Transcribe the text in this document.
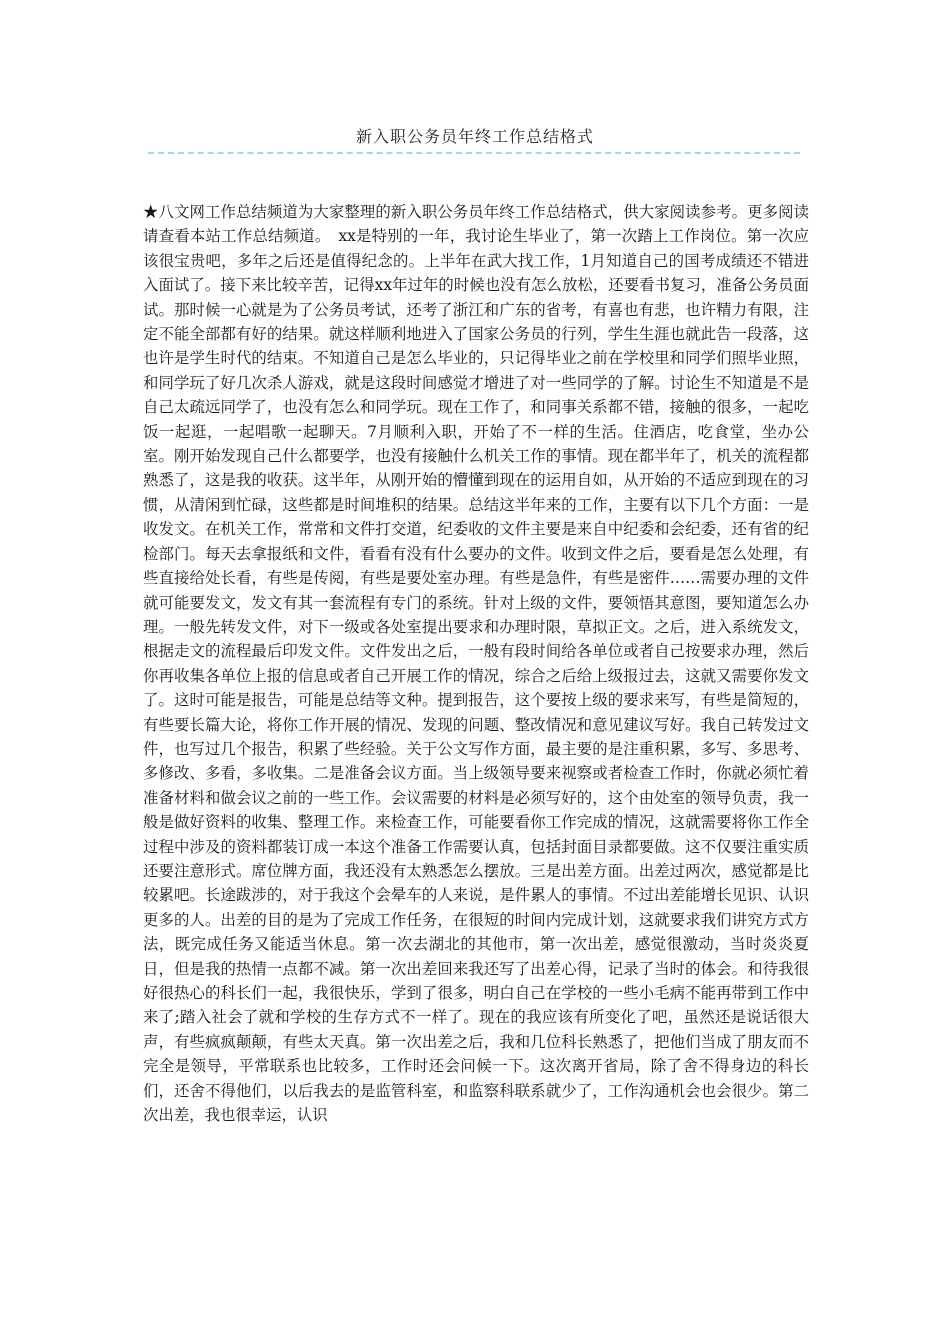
新入职公务员年终工作总结格式

★八文网工作总结频道为大家整理的新入职公务员年终工作总结格式，供大家阅读参考。更多阅读请查看本站工作总结频道。　xx是特别的一年，我讨论生毕业了，第一次踏上工作岗位。第一次应该很宝贵吧，多年之后还是值得纪念的。上半年在武大找工作，1月知道自己的国考成绩还不错进入面试了。接下来比较辛苦，记得xx年过年的时候也没有怎么放松，还要看书复习，准备公务员面试。那时候一心就是为了公务员考试，还考了浙江和广东的省考，有喜也有悲，也许精力有限，注定不能全部都有好的结果。就这样顺利地进入了国家公务员的行列，学生生涯也就此告一段落，这也许是学生时代的结束。不知道自己是怎么毕业的，只记得毕业之前在学校里和同学们照毕业照，和同学玩了好几次杀人游戏，就是这段时间感觉才增进了对一些同学的了解。讨论生不知道是不是自己太疏远同学了，也没有怎么和同学玩。现在工作了，和同事关系都不错，接触的很多，一起吃饭一起逛，一起唱歌一起聊天。7月顺利入职，开始了不一样的生活。住酒店，吃食堂，坐办公室。刚开始发现自己什么都要学，也没有接触什么机关工作的事情。现在都半年了，机关的流程都熟悉了，这是我的收获。这半年，从刚开始的懵懂到现在的运用自如，从开始的不适应到现在的习惯，从清闲到忙碌，这些都是时间堆积的结果。总结这半年来的工作，主要有以下几个方面：一是收发文。在机关工作，常常和文件打交道，纪委收的文件主要是来自中纪委和会纪委，还有省的纪检部门。每天去拿报纸和文件，看看有没有什么要办的文件。收到文件之后，要看是怎么处理，有些直接给处长看，有些是传阅，有些是要处室办理。有些是急件，有些是密件……需要办理的文件就可能要发文，发文有其一套流程有专门的系统。针对上级的文件，要领悟其意图，要知道怎么办理。一般先转发文件，对下一级或各处室提出要求和办理时限，草拟正文。之后，进入系统发文，根据走文的流程最后印发文件。文件发出之后，一般有段时间给各单位或者自己按要求办理，然后你再收集各单位上报的信息或者自己开展工作的情况，综合之后给上级报过去，这就又需要你发文了。这时可能是报告，可能是总结等文种。提到报告，这个要按上级的要求来写，有些是简短的，有些要长篇大论，将你工作开展的情况、发现的问题、整改情况和意见建议写好。我自己转发过文件，也写过几个报告，积累了些经验。关于公文写作方面，最主要的是注重积累，多写、多思考、多修改、多看，多收集。二是准备会议方面。当上级领导要来视察或者检查工作时，你就必须忙着准备材料和做会议之前的一些工作。会议需要的材料是必须写好的，这个由处室的领导负责，我一般是做好资料的收集、整理工作。来检查工作，可能要看你工作完成的情况，这就需要将你工作全过程中涉及的资料都装订成一本这个准备工作需要认真，包括封面目录都要做。这不仅要注重实质还要注意形式。席位牌方面，我还没有太熟悉怎么摆放。三是出差方面。出差过两次，感觉都是比较累吧。长途跋涉的，对于我这个会晕车的人来说，是件累人的事情。不过出差能增长见识、认识更多的人。出差的目的是为了完成工作任务，在很短的时间内完成计划，这就要求我们讲究方式方法，既完成任务又能适当休息。第一次去湖北的其他市，第一次出差，感觉很激动，当时炎炎夏日，但是我的热情一点都不减。第一次出差回来我还写了出差心得，记录了当时的体会。和待我很好很热心的科长们一起，我很快乐，学到了很多，明白自己在学校的一些小毛病不能再带到工作中来了;踏入社会了就和学校的生存方式不一样了。现在的我应该有所变化了吧，虽然还是说话很大声，有些疯疯颠颠，有些太天真。第一次出差之后，我和几位科长熟悉了，把他们当成了朋友而不完全是领导，平常联系也比较多，工作时还会问候一下。这次离开省局，除了舍不得身边的科长们，还舍不得他们，以后我去的是监管科室，和监察科联系就少了，工作沟通机会也会很少。第二次出差，我也很幸运，认识
